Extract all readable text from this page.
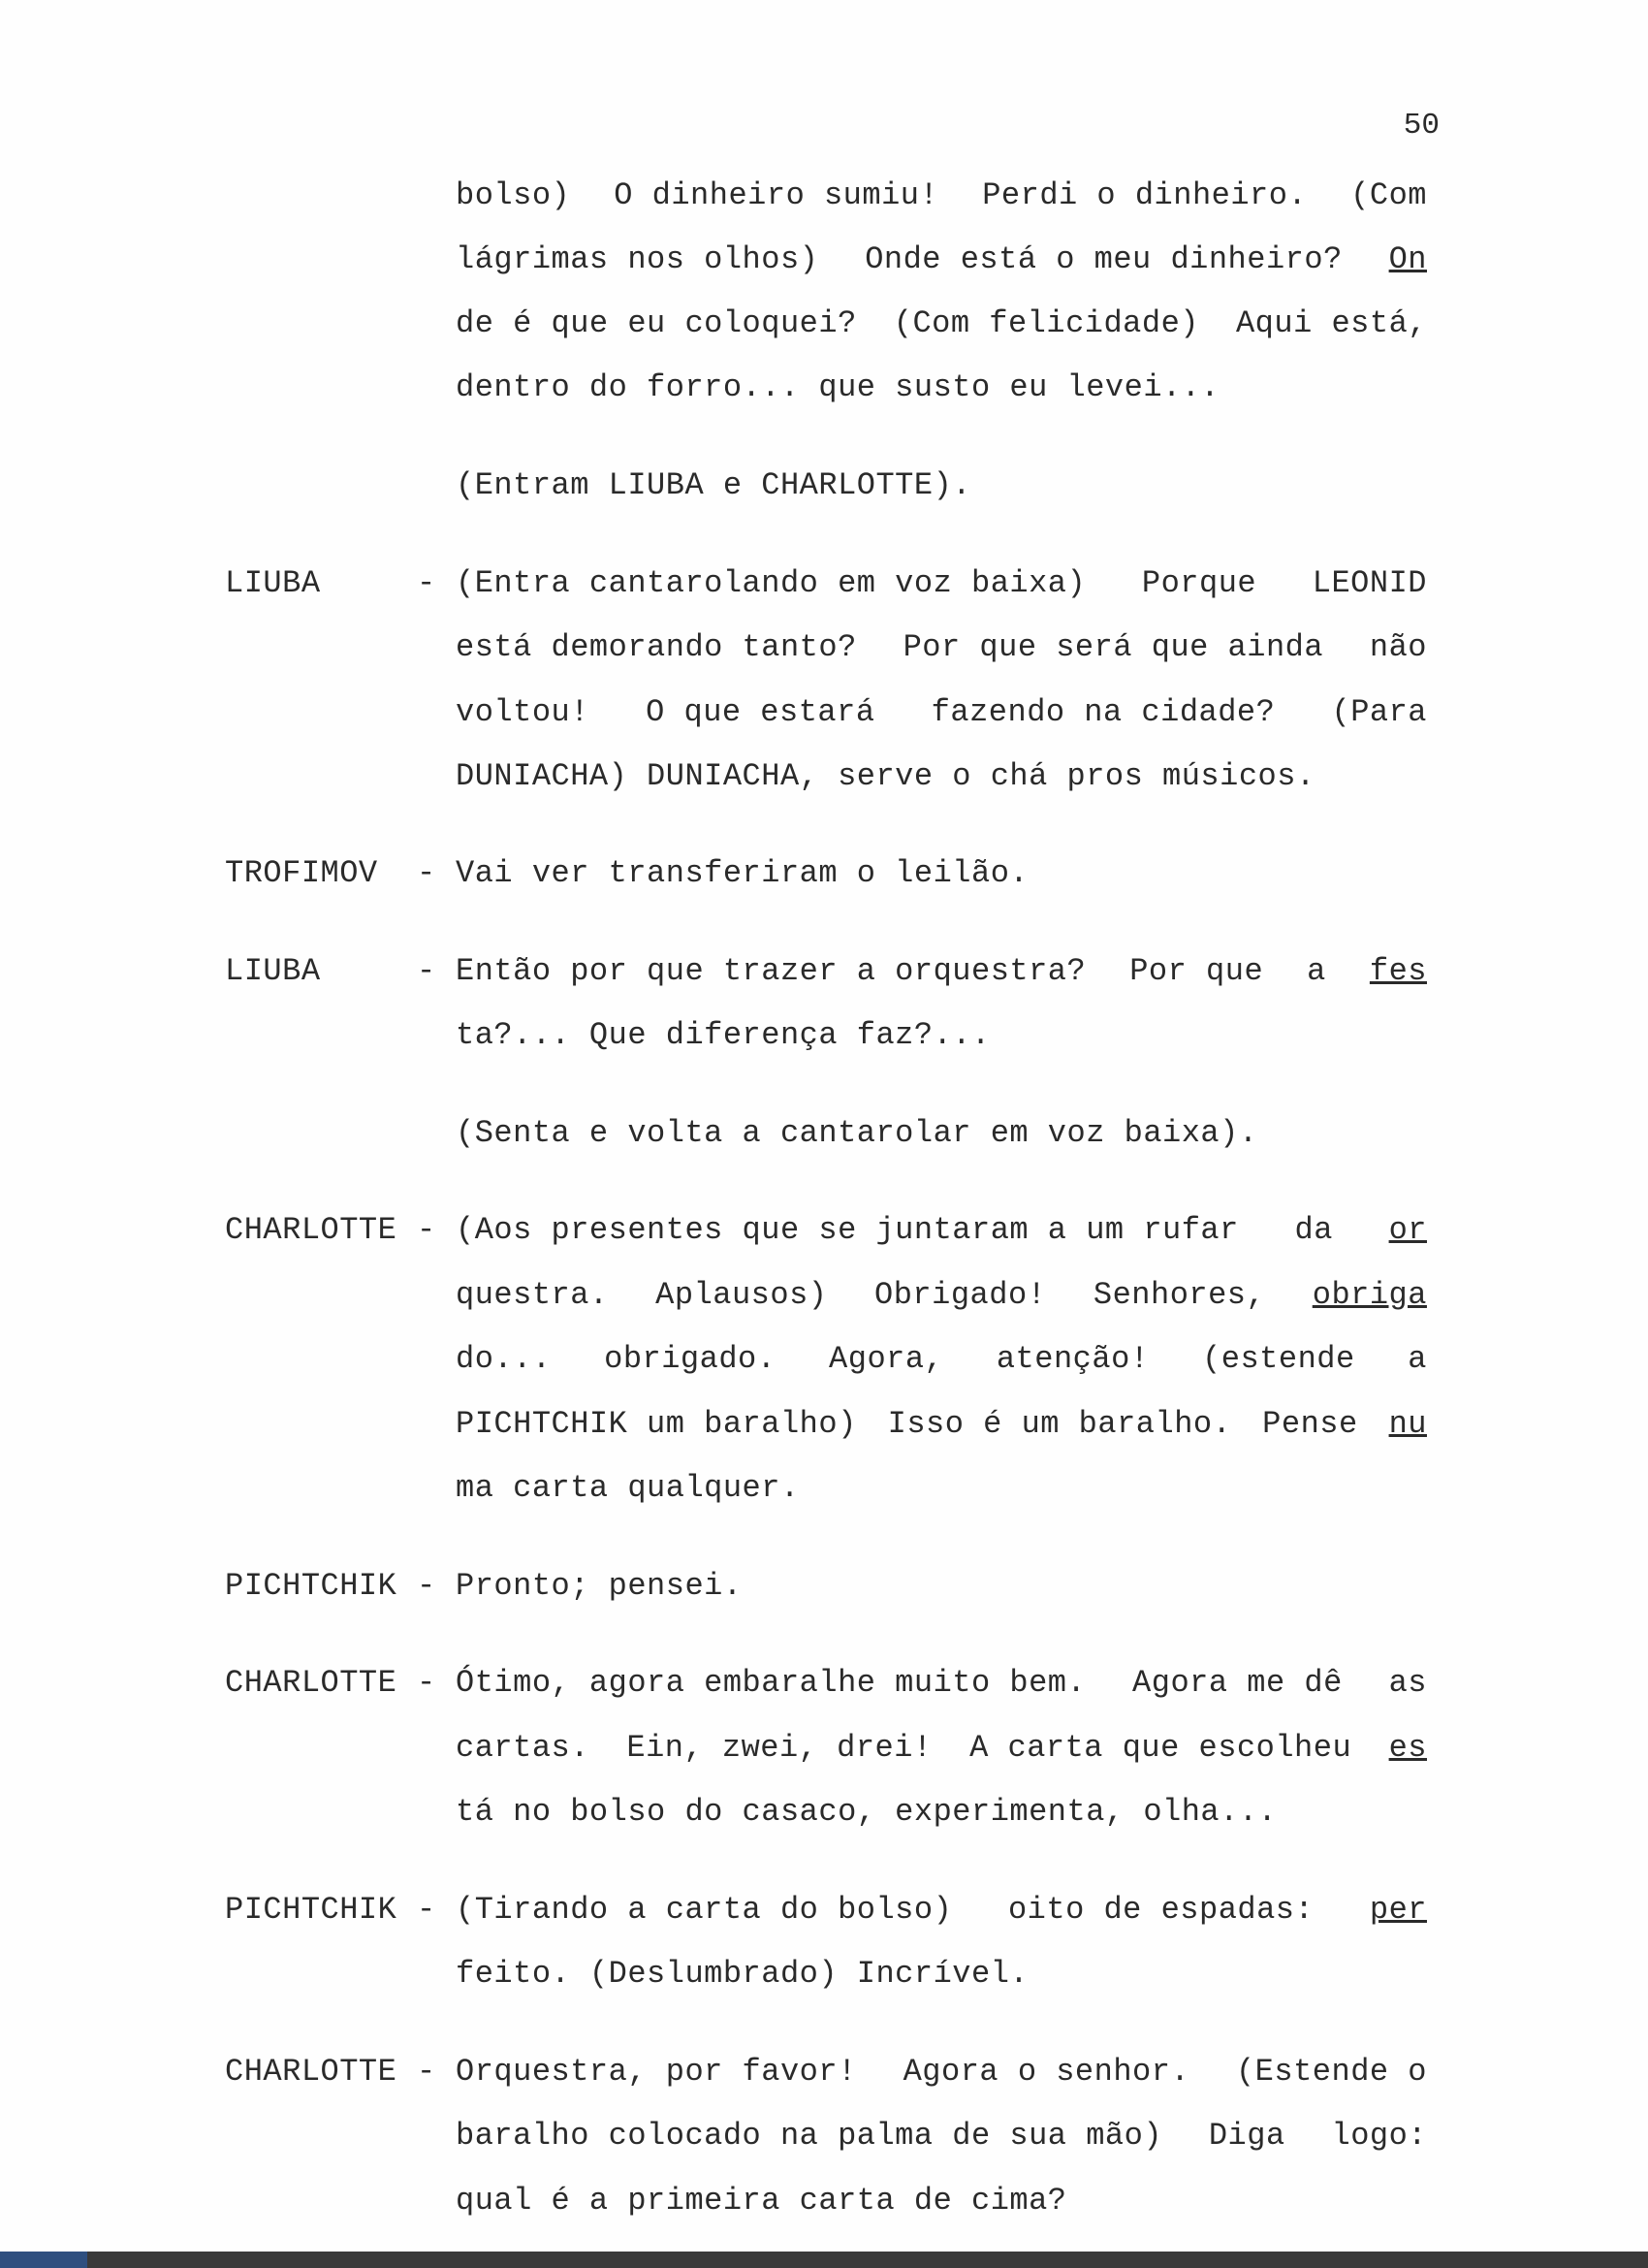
50
bolso) O dinheiro sumiu! Perdi o dinheiro. (Com
lágrimas nos olhos) Onde está o meu dinheiro? On
de é que eu coloquei? (Com felicidade) Aqui está,
dentro do forro... que susto eu levei...
(Entram LIUBA e CHARLOTTE).
LIUBA	- (Entra cantarolando em voz baixa) Porque LEONID
está demorando tanto? Por que será que ainda não
voltou! O que estará fazendo na cidade? (Para
DUNIACHA) DUNIACHA, serve o chá pros músicos.
TROFIMOV - Vai ver transferiram o leilão.
LIUBA	- Então por que trazer a orquestra? Por que a fes
ta?... Que diferença faz?...
(Senta e volta a cantarolar em voz baixa).
CHARLOTTE - (Aos presentes que se juntaram a um rufar da or
questra. Aplausos) Obrigado! Senhores, obriga
do... obrigado. Agora, atenção! (estende a
PICHTCHIK um baralho) Isso é um baralho. Pense nu
ma carta qualquer.
PICHTCHIK - Pronto; pensei.
CHARLOTTE - Ótimo, agora embaralhe muito bem. Agora me dê as
cartas. Ein, zwei, drei! A carta que escolheu es
tá no bolso do casaco, experimenta, olha...
PICHTCHIK - (Tirando a carta do bolso) oito de espadas: per
feito. (Deslumbrado) Incrível.
CHARLOTTE - Orquestra, por favor! Agora o senhor. (Estende o
baralho colocado na palma de sua mão) Diga logo:
qual é a primeira carta de cima?
